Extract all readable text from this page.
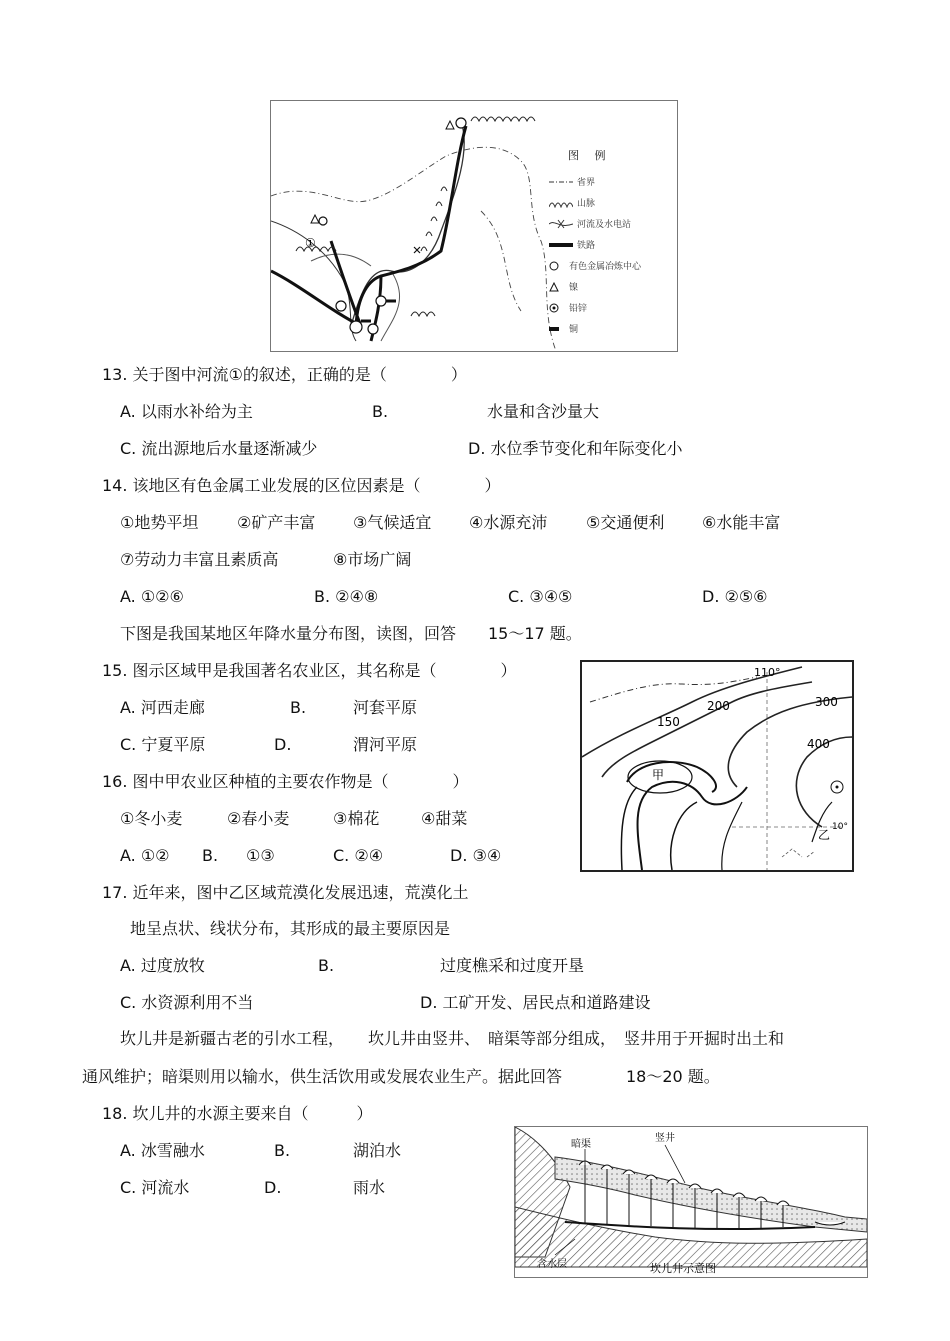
①
图 例
省界
山脉
河流及水电站
铁路
有色金属冶炼中心
镍
铅锌
铜
13. 关于图中河流①的叙述，正确的是（　　　　）
A. 以雨水补给为主	B.	水量和含沙量大
C. 流出源地后水量逐渐减少	D. 水位季节变化和年际变化小
14. 该地区有色金属工业发展的区位因素是（　　　　）
①地势平坦 ②矿产丰富 ③气候适宜 ④水源充沛 ⑤交通便利 ⑥水能丰富
⑦劳动力丰富且素质高	⑧市场广阔
A. ①②⑥	B. ②④⑧	C. ③④⑤	D. ②⑤⑥
下图是我国某地区年降水量分布图，读图，回答　　15～17 题。
110°
150
200	300
400
甲
乙
10°
15. 图示区域甲是我国著名农业区，其名称是（　　　　）
A. 河西走廊	B.	河套平原
C. 宁夏平原	D.	渭河平原
16. 图中甲农业区种植的主要农作物是（　　　　）
①冬小麦	②春小麦	③棉花	④甜菜
A. ①② B. ①③	C. ②④	D. ③④
17. 近年来，图中乙区域荒漠化发展迅速，荒漠化土
地呈点状、线状分布，其形成的最主要原因是
A. 过度放牧	B.	过度樵采和过度开垦
C. 水资源利用不当	D. 工矿开发、居民点和道路建设
坎儿井是新疆古老的引水工程，　　坎儿井由竖井、　暗渠等部分组成，　竖井用于开掘时出土和
通风维护；暗渠则用以输水，供生活饮用或发展农业生产。据此回答　　　　18～20 题。
18. 坎儿井的水源主要来自（　　　）
A. 冰雪融水	B.	湖泊水
C. 河流水	D.	雨水
暗渠
竖井
含水层	坎儿井示意图
